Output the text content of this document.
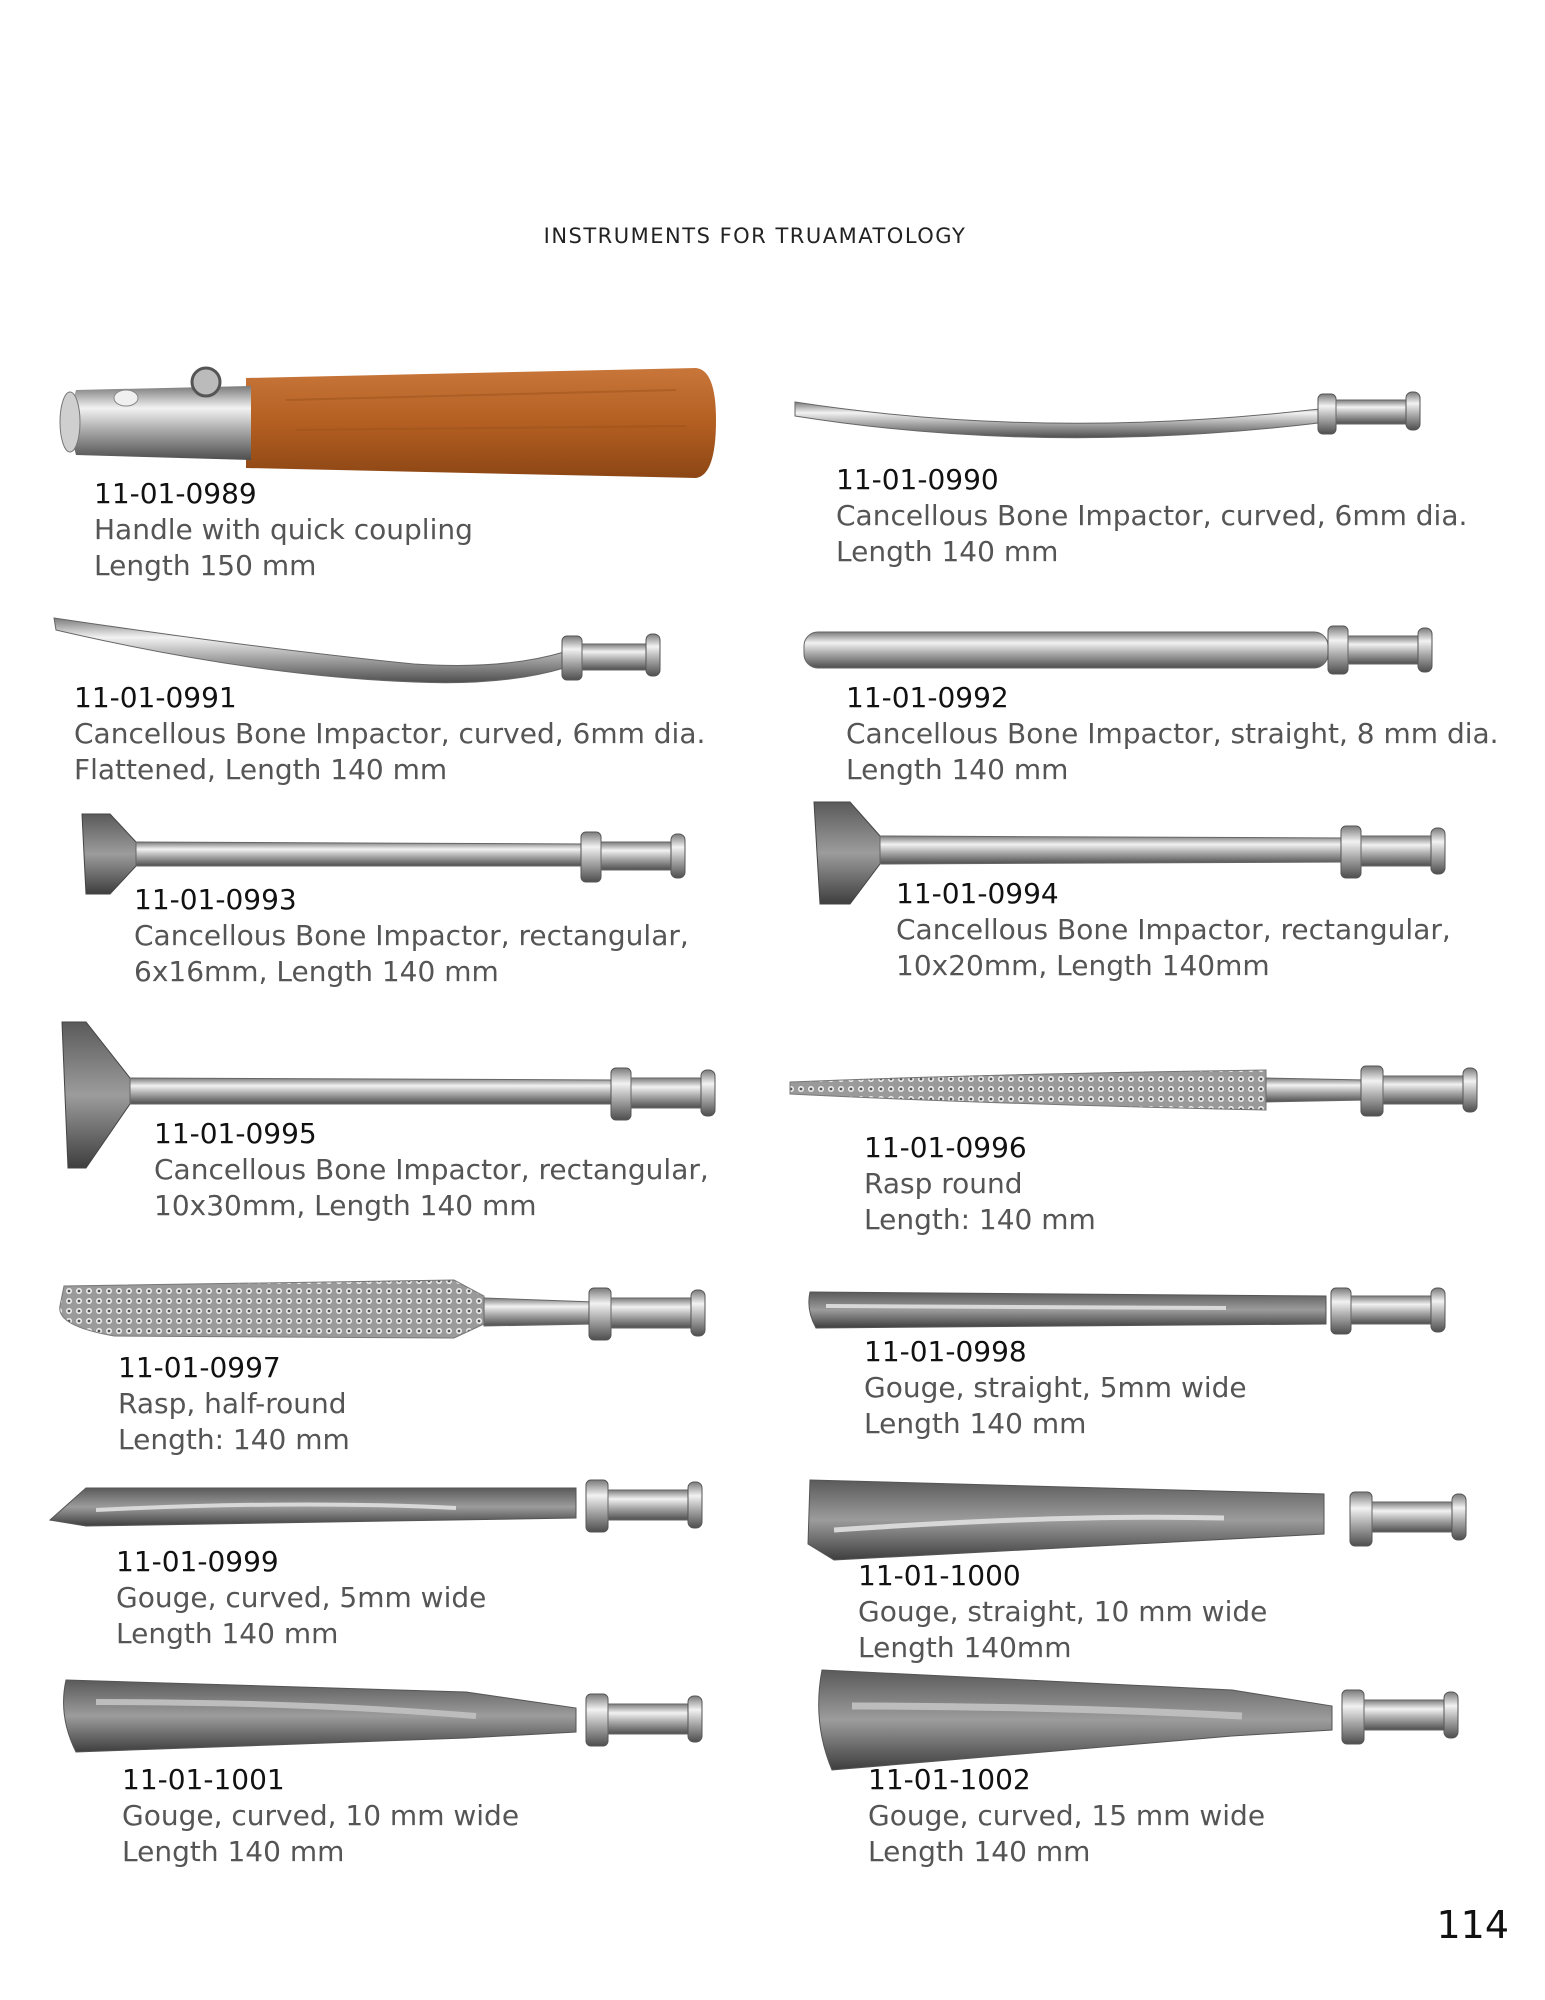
INSTRUMENTS FOR TRUAMATOLOGY
11-01-0989
Handle with quick coupling
Length 150 mm
11-01-0990
Cancellous Bone Impactor, curved, 6mm dia.
Length 140 mm
11-01-0991
Cancellous Bone Impactor, curved, 6mm dia.
Flattened, Length 140 mm
11-01-0992
Cancellous Bone Impactor, straight, 8 mm dia.
Length 140 mm
11-01-0993
Cancellous Bone Impactor, rectangular,
6x16mm, Length 140 mm
11-01-0994
Cancellous Bone Impactor, rectangular,
10x20mm, Length 140mm
11-01-0995
Cancellous Bone Impactor, rectangular,
10x30mm, Length 140 mm
11-01-0996
Rasp round
Length: 140 mm
11-01-0997
Rasp, half-round
Length: 140 mm
11-01-0998
Gouge, straight, 5mm wide
Length 140 mm
11-01-0999
Gouge, curved, 5mm wide
Length 140 mm
11-01-1000
Gouge, straight, 10 mm wide
Length 140mm
11-01-1001
Gouge, curved, 10 mm wide
Length 140 mm
11-01-1002
Gouge, curved, 15 mm wide
Length 140 mm
114
